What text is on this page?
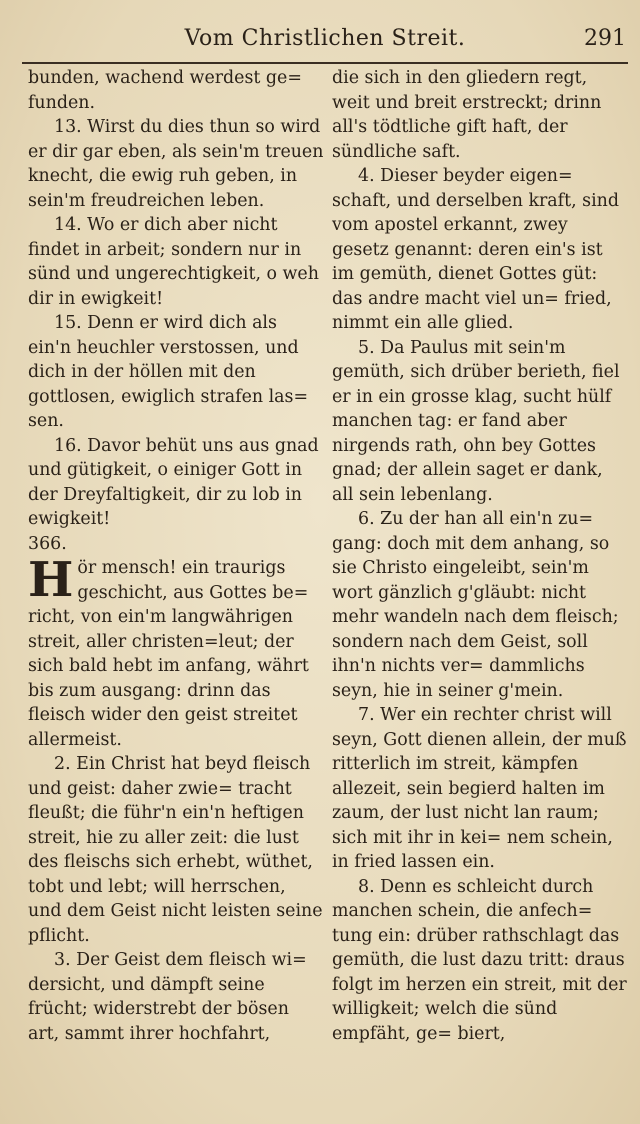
Vom Christlichen Streit.	291

bunden, wachend werdest ge= funden.

13. Wirst du dies thun so wird er dir gar eben, als sein'm treuen knecht, die ewig ruh geben, in sein'm freudreichen leben.

14. Wo er dich aber nicht findet in arbeit; sondern nur in sünd und ungerechtigkeit, o weh dir in ewigkeit!

15. Denn er wird dich als ein'n heuchler verstossen, und dich in der höllen mit den gottlosen, ewiglich strafen las= sen.

16. Davor behüt uns aus gnad und gütigkeit, o einiger Gott in der Dreyfaltigkeit, dir zu lob in ewigkeit!

366.

Hör mensch! ein traurigs geschicht, aus Gottes be= richt, von ein'm langwährigen streit, aller christen=leut; der sich bald hebt im anfang, währt bis zum ausgang: drinn das fleisch wider den geist streitet allermeist.

2. Ein Christ hat beyd fleisch und geist: daher zwie= tracht fleußt; die führ'n ein'n heftigen streit, hie zu aller zeit: die lust des fleischs sich erhebt, wüthet, tobt und lebt; will herrschen, und dem Geist nicht leisten seine pflicht.

3. Der Geist dem fleisch wi= dersicht, und dämpft seine frücht; widerstrebt der bösen art, sammt ihrer hochfahrt,

die sich in den gliedern regt, weit und breit erstreckt; drinn all's tödtliche gift haft, der sündliche saft.

4. Dieser beyder eigen= schaft, und derselben kraft, sind vom apostel erkannt, zwey gesetz genannt: deren ein's ist im gemüth, dienet Gottes güt: das andre macht viel un= fried, nimmt ein alle glied.

5. Da Paulus mit sein'm gemüth, sich drüber berieth, fiel er in ein grosse klag, sucht hülf manchen tag: er fand aber nirgends rath, ohn bey Gottes gnad; der allein saget er dank, all sein lebenlang.

6. Zu der han all ein'n zu= gang: doch mit dem anhang, so sie Christo eingeleibt, sein'm wort gänzlich g'gläubt: nicht mehr wandeln nach dem fleisch; sondern nach dem Geist, soll ihn'n nichts ver= dammlichs seyn, hie in seiner g'mein.

7. Wer ein rechter christ will seyn, Gott dienen allein, der muß ritterlich im streit, kämpfen allezeit, sein begierd halten im zaum, der lust nicht lan raum; sich mit ihr in kei= nem schein, in fried lassen ein.

8. Denn es schleicht durch manchen schein, die anfech= tung ein: drüber rathschlagt das gemüth, die lust dazu tritt: draus folgt im herzen ein streit, mit der willigkeit; welch die sünd empfäht, ge= biert,
